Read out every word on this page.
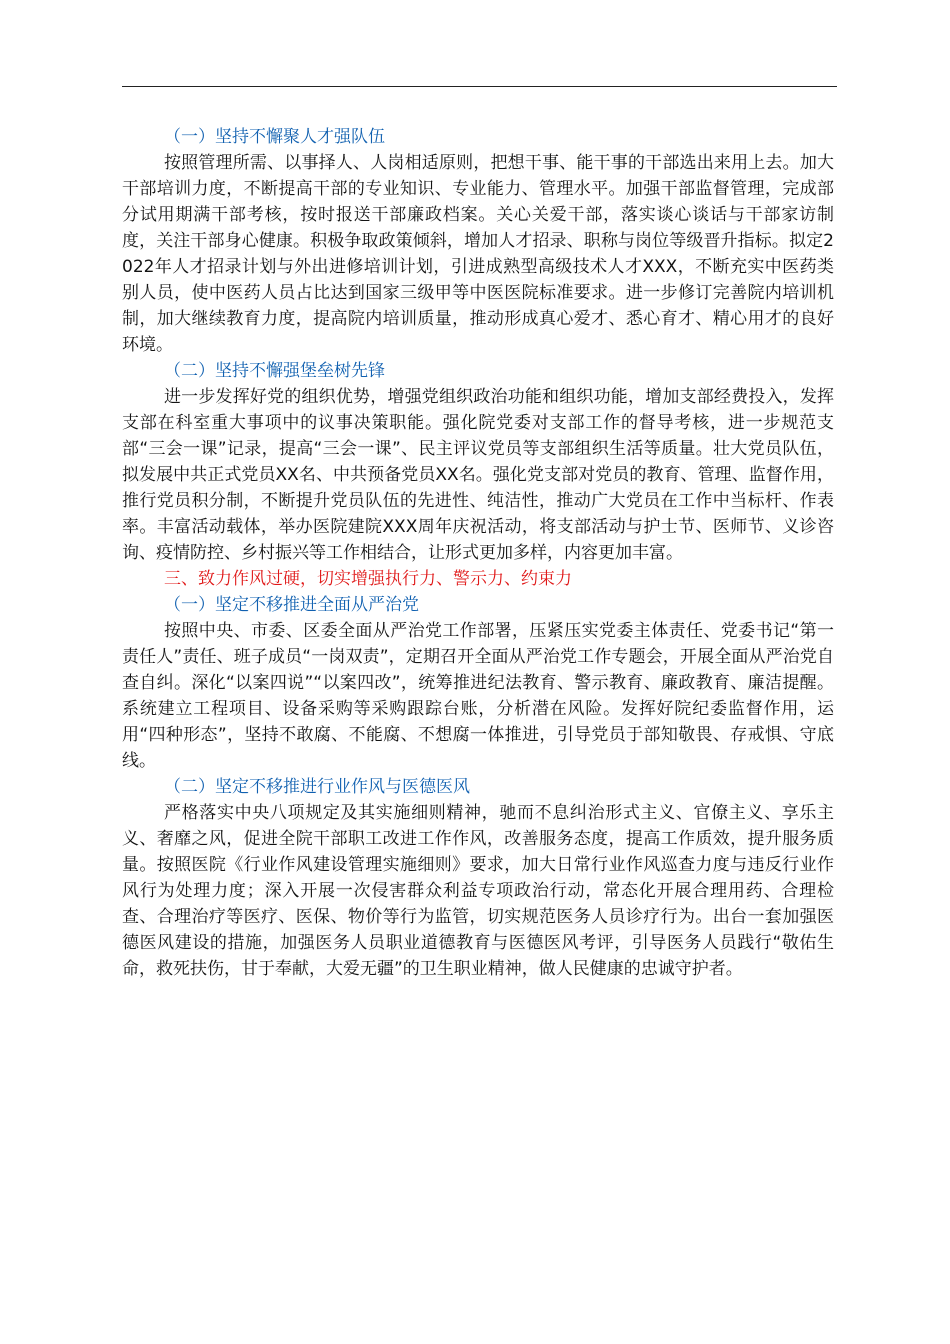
（一）坚持不懈聚人才强队伍

按照管理所需、以事择人、人岗相适原则，把想干事、能干事的干部选出来用上去。加大干部培训力度，不断提高干部的专业知识、专业能力、管理水平。加强干部监督管理，完成部分试用期满干部考核，按时报送干部廉政档案。关心关爱干部，落实谈心谈话与干部家访制度，关注干部身心健康。积极争取政策倾斜，增加人才招录、职称与岗位等级晋升指标。拟定2022年人才招录计划与外出进修培训计划，引进成熟型高级技术人才XXX，不断充实中医药类别人员，使中医药人员占比达到国家三级甲等中医医院标准要求。进一步修订完善院内培训机制，加大继续教育力度，提高院内培训质量，推动形成真心爱才、悉心育才、精心用才的良好环境。

（二）坚持不懈强堡垒树先锋

进一步发挥好党的组织优势，增强党组织政治功能和组织功能，增加支部经费投入，发挥支部在科室重大事项中的议事决策职能。强化院党委对支部工作的督导考核，进一步规范支部“三会一课”记录，提高“三会一课”、民主评议党员等支部组织生活等质量。壮大党员队伍，拟发展中共正式党员XX名、中共预备党员XX名。强化党支部对党员的教育、管理、监督作用，推行党员积分制，不断提升党员队伍的先进性、纯洁性，推动广大党员在工作中当标杆、作表率。丰富活动载体，举办医院建院XXX周年庆祝活动，将支部活动与护士节、医师节、义诊咨询、疫情防控、乡村振兴等工作相结合，让形式更加多样，内容更加丰富。

三、致力作风过硬，切实增强执行力、警示力、约束力

（一）坚定不移推进全面从严治党

按照中央、市委、区委全面从严治党工作部署，压紧压实党委主体责任、党委书记“第一责任人”责任、班子成员“一岗双责”，定期召开全面从严治党工作专题会，开展全面从严治党自查自纠。深化“以案四说”“以案四改”，统筹推进纪法教育、警示教育、廉政教育、廉洁提醒。系统建立工程项目、设备采购等采购跟踪台账，分析潜在风险。发挥好院纪委监督作用，运用“四种形态”，坚持不敢腐、不能腐、不想腐一体推进，引导党员于部知敬畏、存戒惧、守底线。

（二）坚定不移推进行业作风与医德医风

严格落实中央八项规定及其实施细则精神，驰而不息纠治形式主义、官僚主义、享乐主义、奢靡之风，促进全院干部职工改进工作作风，改善服务态度，提高工作质效，提升服务质量。按照医院《行业作风建设管理实施细则》要求，加大日常行业作风巡查力度与违反行业作风行为处理力度；深入开展一次侵害群众利益专项政治行动，常态化开展合理用药、合理检查、合理治疗等医疗、医保、物价等行为监管，切实规范医务人员诊疗行为。出台一套加强医德医风建设的措施，加强医务人员职业道德教育与医德医风考评，引导医务人员践行“敬佑生命，救死扶伤，甘于奉献，大爱无疆”的卫生职业精神，做人民健康的忠诚守护者。
